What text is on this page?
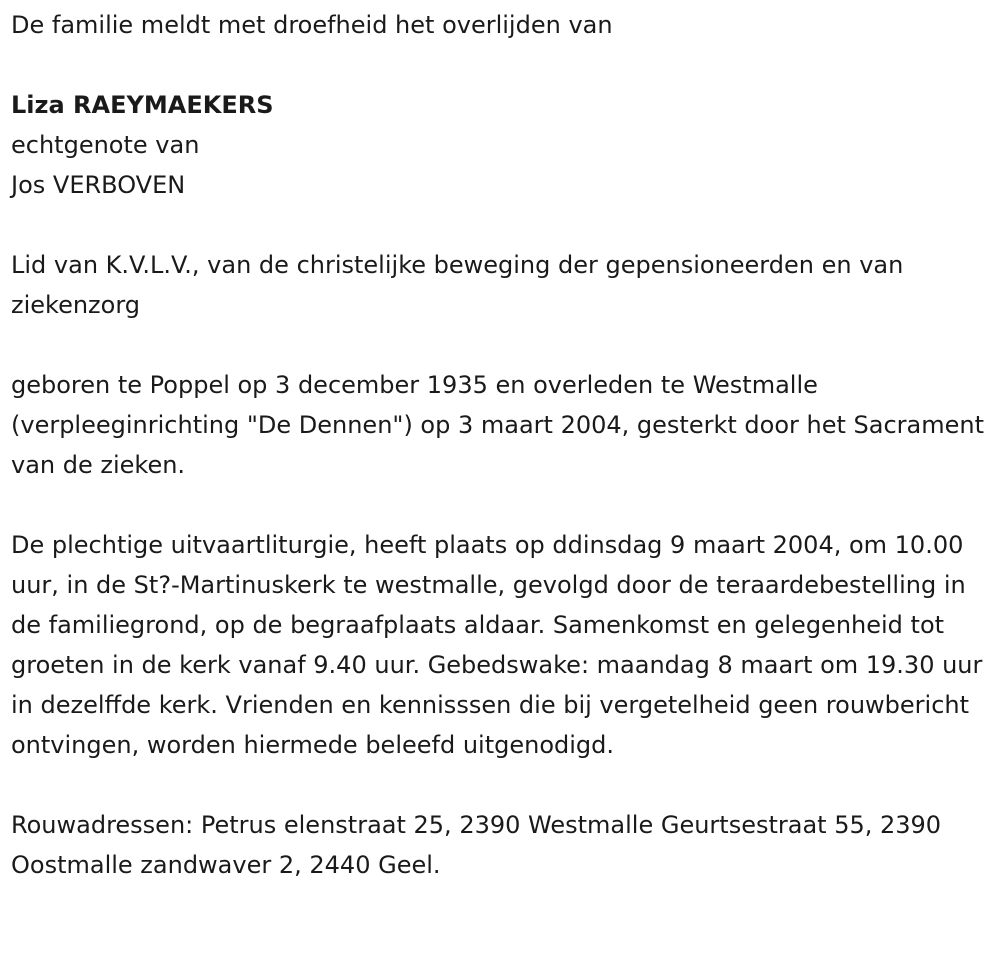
De familie meldt met droefheid het overlijden van
Liza RAEYMAEKERS
echtgenote van
Jos VERBOVEN
Lid van K.V.L.V., van de christelijke beweging der gepensioneerden en van ziekenzorg
geboren te Poppel op 3 december 1935 en overleden te Westmalle (verpleeginrichting "De Dennen") op 3 maart 2004, gesterkt door het Sacrament van de zieken.
De plechtige uitvaartliturgie, heeft plaats op ddinsdag 9 maart 2004, om 10.00 uur, in de St?-Martinuskerk te westmalle, gevolgd door de teraardebestelling in de familiegrond, op de begraafplaats aldaar. Samenkomst en gelegenheid tot groeten in de kerk vanaf 9.40 uur. Gebedswake: maandag 8 maart om 19.30 uur in dezelffde kerk. Vrienden en kennisssen die bij vergetelheid geen rouwbericht ontvingen, worden hiermede beleefd uitgenodigd.
Rouwadressen: Petrus elenstraat 25, 2390 Westmalle Geurtsestraat 55, 2390 Oostmalle zandwaver 2, 2440 Geel.
